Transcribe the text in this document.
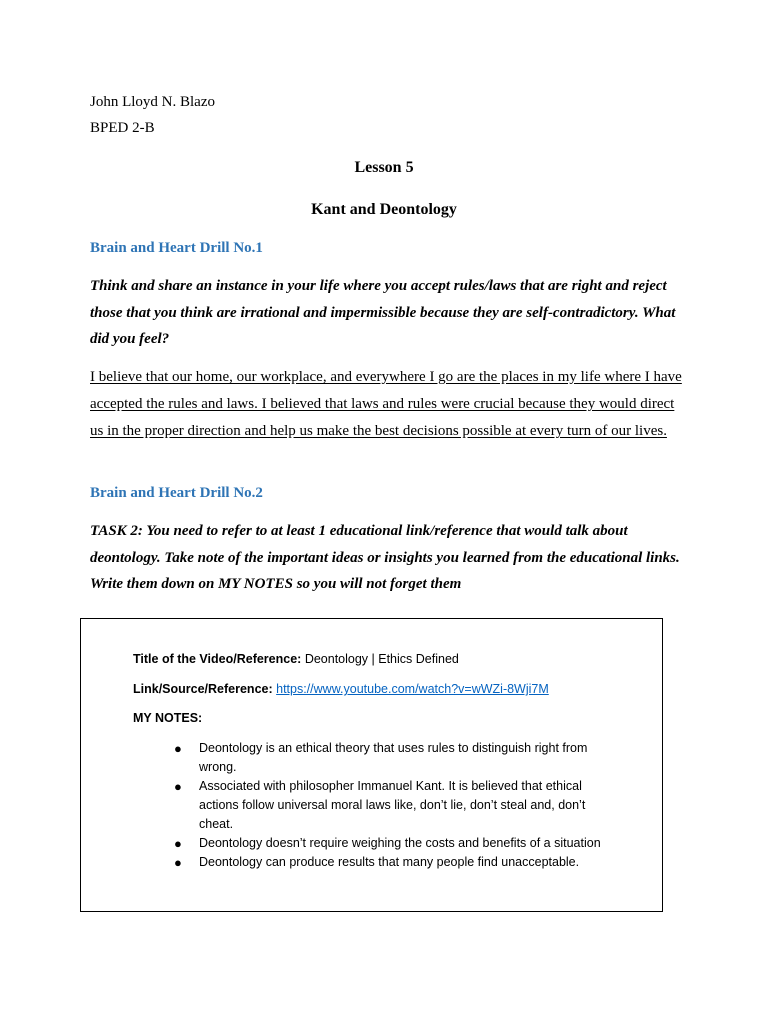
John Lloyd N. Blazo
BPED 2-B
Lesson 5
Kant and Deontology
Brain and Heart Drill No.1
Think and share an instance in your life where you accept rules/laws that are right and reject those that you think are irrational and impermissible because they are self-contradictory. What did you feel?
I believe that our home, our workplace, and everywhere I go are the places in my life where I have accepted the rules and laws. I believed that laws and rules were crucial because they would direct us in the proper direction and help us make the best decisions possible at every turn of our lives.
Brain and Heart Drill No.2
TASK 2: You need to refer to at least 1 educational link/reference that would talk about deontology. Take note of the important ideas or insights you learned from the educational links. Write them down on MY NOTES so you will not forget them
Title of the Video/Reference: Deontology | Ethics Defined
Link/Source/Reference: https://www.youtube.com/watch?v=wWZi-8Wji7M
MY NOTES:
● Deontology is an ethical theory that uses rules to distinguish right from wrong.
● Associated with philosopher Immanuel Kant. It is believed that ethical actions follow universal moral laws like, don’t lie, don’t steal and, don’t cheat.
● Deontology doesn’t require weighing the costs and benefits of a situation
● Deontology can produce results that many people find unacceptable.
